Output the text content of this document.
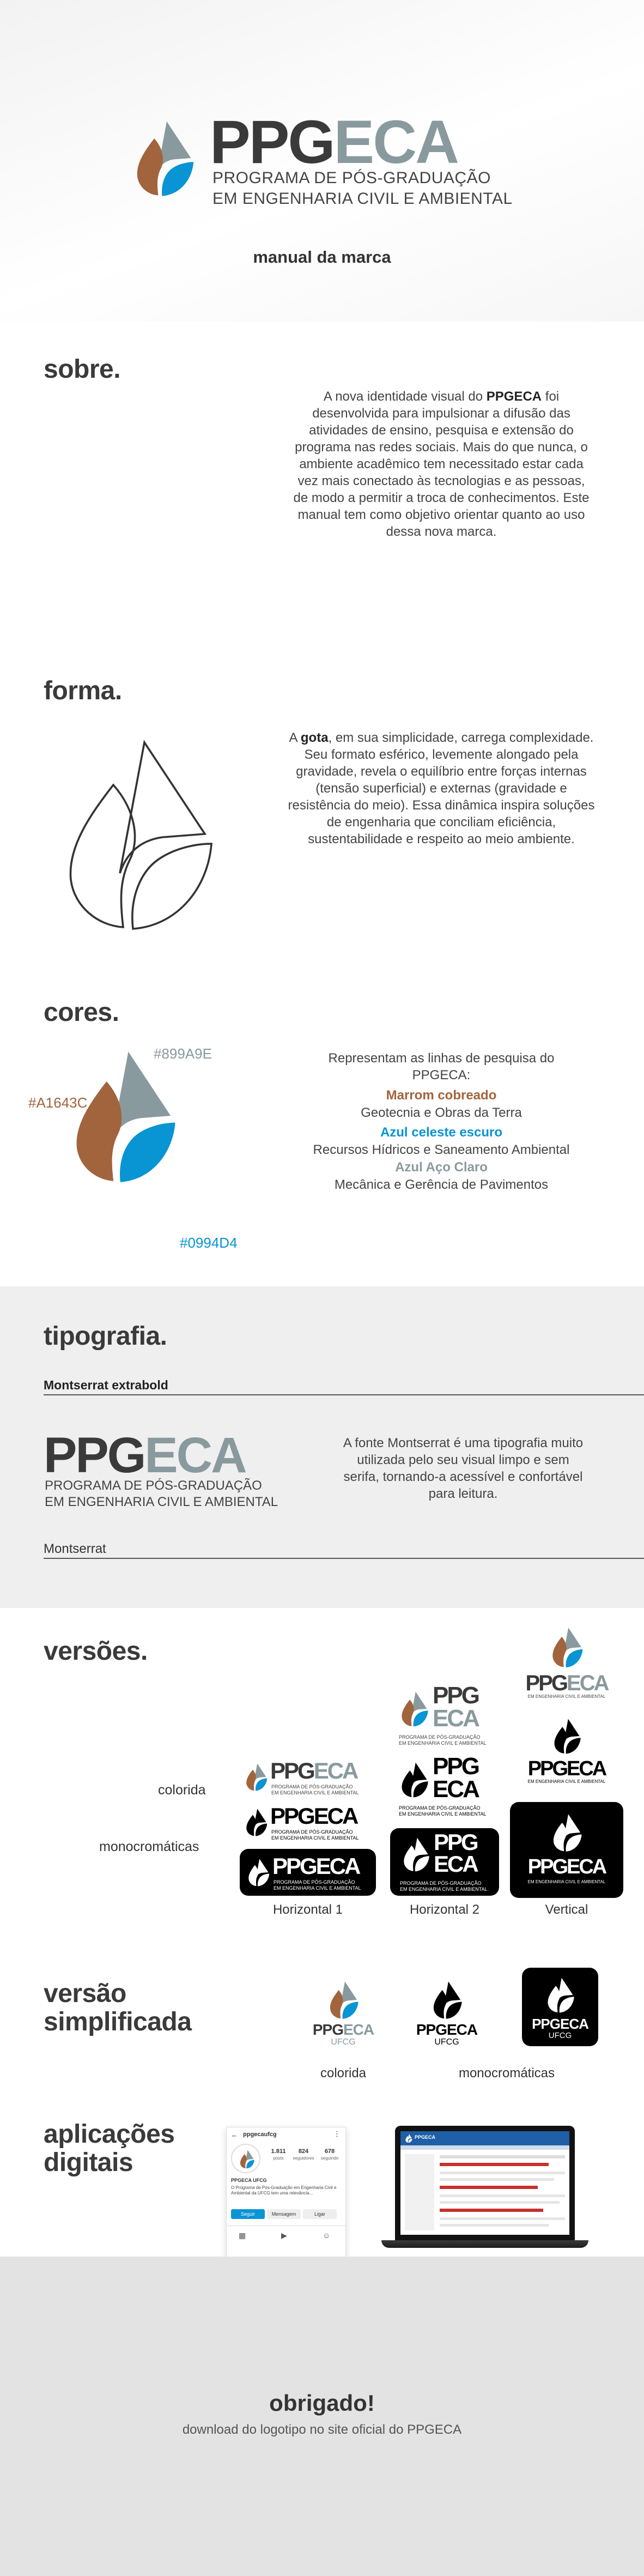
PPGECA
PROGRAMA DE PÓS-GRADUAÇÃO
EM ENGENHARIA CIVIL E AMBIENTAL
manual da marca
sobre.
A nova identidade visual do PPGECA foi desenvolvida para impulsionar a difusão das atividades de ensino, pesquisa e extensão do programa nas redes sociais. Mais do que nunca, o ambiente acadêmico tem necessitado estar cada vez mais conectado às tecnologias e as pessoas, de modo a permitir a troca de conhecimentos. Este manual tem como objetivo orientar quanto ao uso dessa nova marca.
forma.
A gota, em sua simplicidade, carrega complexidade. Seu formato esférico, levemente alongado pela gravidade, revela o equilíbrio entre forças internas (tensão superficial) e externas (gravidade e resistência do meio). Essa dinâmica inspira soluções de engenharia que conciliam eficiência, sustentabilidade e respeito ao meio ambiente.
cores.
#899A9E
#A1643C
#0994D4
Representam as linhas de pesquisa do PPGECA:
Marrom cobreado
Geotecnia e Obras da Terra
Azul celeste escuro
Recursos Hídricos e Saneamento Ambiental
Azul Aço Claro
Mecânica e Gerência de Pavimentos
tipografia.
Montserrat extrabold
PPGECA
PROGRAMA DE PÓS-GRADUAÇÃO
EM ENGENHARIA CIVIL E AMBIENTAL
A fonte Montserrat é uma tipografia muito utilizada pelo seu visual limpo e sem serifa, tornando-a acessível e confortável para leitura.
Montserrat
versões.
colorida
monocromáticas
PPGECA
PROGRAMA DE PÓS-GRADUAÇÃO
EM ENGENHARIA CIVIL E AMBIENTAL
PPGECA
PROGRAMA DE PÓS-GRADUAÇÃO
EM ENGENHARIA CIVIL E AMBIENTAL
PPGECA
PROGRAMA DE PÓS-GRADUAÇÃO
EM ENGENHARIA CIVIL E AMBIENTAL
Horizontal 1
PPG
ECA
PROGRAMA DE PÓS-GRADUAÇÃO
EM ENGENHARIA CIVIL E AMBIENTAL
PPG
ECA
PROGRAMA DE PÓS-GRADUAÇÃO
EM ENGENHARIA CIVIL E AMBIENTAL
PPG
ECA
PROGRAMA DE PÓS-GRADUAÇÃO
EM ENGENHARIA CIVIL E AMBIENTAL
Horizontal 2
PPGECA
EM ENGENHARIA CIVIL E AMBIENTAL
PPGECA
EM ENGENHARIA CIVIL E AMBIENTAL
PPGECA
EM ENGENHARIA CIVIL E AMBIENTAL
Vertical
versão
simplificada	PPGECA
UFCG
PPGECA
UFCG
PPGECA
UFCG
colorida	monocromáticas
aplicações
digitais
← ppgecaufcg	⋮
1.811
posts
824
seguidores
678
seguindo
PPGECA UFCG
O Programa de Pós-Graduação em Engenharia Civil e Ambiental da UFCG tem uma relevância...
Seguir	Mensagem	Ligar
▦	▶	☺
PPGECA
obrigado!
download do logotipo no site oficial do PPGECA
